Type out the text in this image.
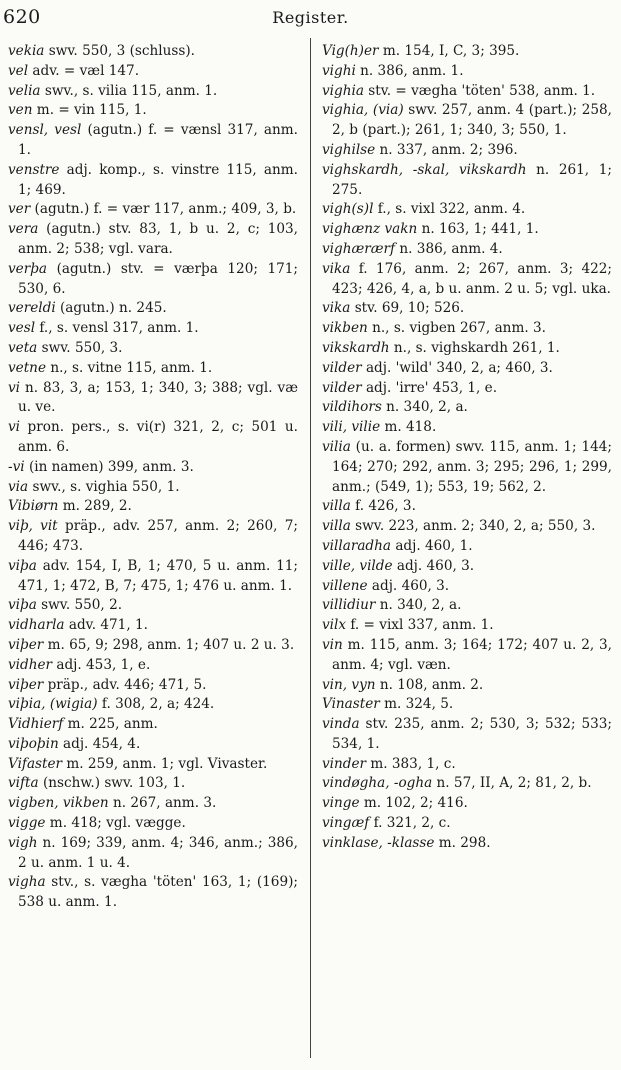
620	Register.

vekia swv. 550, 3 (schluss).

vel adv. = væl 147.

velia swv., s. vilia 115, anm. 1.

ven m. = vin 115, 1.

vensl, vesl (agutn.) f. = vænsl 317, anm. 1.

venstre adj. komp., s. vinstre 115, anm. 1; 469.

ver (agutn.) f. = vær 117, anm.; 409, 3, b.

vera (agutn.) stv. 83, 1, b u. 2, c; 103, anm. 2; 538; vgl. vara.

verþa (agutn.) stv. = værþa 120; 171; 530, 6.

vereldi (agutn.) n. 245.

vesl f., s. vensl 317, anm. 1.

veta swv. 550, 3.

vetne n., s. vitne 115, anm. 1.

vi n. 83, 3, a; 153, 1; 340, 3; 388; vgl. væ u. ve.

vi pron. pers., s. vi(r) 321, 2, c; 501 u. anm. 6.

-vi (in namen) 399, anm. 3.

via swv., s. vighia 550, 1.

Vibiørn m. 289, 2.

viþ, vit präp., adv. 257, anm. 2; 260, 7; 446; 473.

viþa adv. 154, I, B, 1; 470, 5 u. anm. 11; 471, 1; 472, B, 7; 475, 1; 476 u. anm. 1.

viþa swv. 550, 2.

vidharla adv. 471, 1.

viþer m. 65, 9; 298, anm. 1; 407 u. 2 u. 3.

vidher adj. 453, 1, e.

viþer präp., adv. 446; 471, 5.

viþia, (wigia) f. 308, 2, a; 424.

Vidhierf m. 225, anm.

viþoþin adj. 454, 4.

Vifaster m. 259, anm. 1; vgl. Vivaster.

vifta (nschw.) swv. 103, 1.

vigben, vikben n. 267, anm. 3.

vigge m. 418; vgl. vægge.

vigh n. 169; 339, anm. 4; 346, anm.; 386, 2 u. anm. 1 u. 4.

vigha stv., s. vægha 'töten' 163, 1; (169); 538 u. anm. 1.

Vig(h)er m. 154, I, C, 3; 395.

vighi n. 386, anm. 1.

vighia stv. = vægha 'töten' 538, anm. 1.

vighia, (via) swv. 257, anm. 4 (part.); 258, 2, b (part.); 261, 1; 340, 3; 550, 1.

vighilse n. 337, anm. 2; 396.

vighskardh, -skal, vikskardh n. 261, 1; 275.

vigh(s)l f., s. vixl 322, anm. 4.

vighænz vakn n. 163, 1; 441, 1.

vighærærf n. 386, anm. 4.

vika f. 176, anm. 2; 267, anm. 3; 422; 423; 426, 4, a, b u. anm. 2 u. 5; vgl. uka.

vika stv. 69, 10; 526.

vikben n., s. vigben 267, anm. 3.

vikskardh n., s. vighskardh 261, 1.

vilder adj. 'wild' 340, 2, a; 460, 3.

vilder adj. 'irre' 453, 1, e.

vildihors n. 340, 2, a.

vili, vilie m. 418.

vilia (u. a. formen) swv. 115, anm. 1; 144; 164; 270; 292, anm. 3; 295; 296, 1; 299, anm.; (549, 1); 553, 19; 562, 2.

villa f. 426, 3.

villa swv. 223, anm. 2; 340, 2, a; 550, 3.

villaradha adj. 460, 1.

ville, vilde adj. 460, 3.

villene adj. 460, 3.

villidiur n. 340, 2, a.

vilx f. = vixl 337, anm. 1.

vin m. 115, anm. 3; 164; 172; 407 u. 2, 3, anm. 4; vgl. væn.

vin, vyn n. 108, anm. 2.

Vinaster m. 324, 5.

vinda stv. 235, anm. 2; 530, 3; 532; 533; 534, 1.

vinder m. 383, 1, c.

vindøgha, -ogha n. 57, II, A, 2; 81, 2, b.

vinge m. 102, 2; 416.

vingæf f. 321, 2, c.

vinklase, -klasse m. 298.
